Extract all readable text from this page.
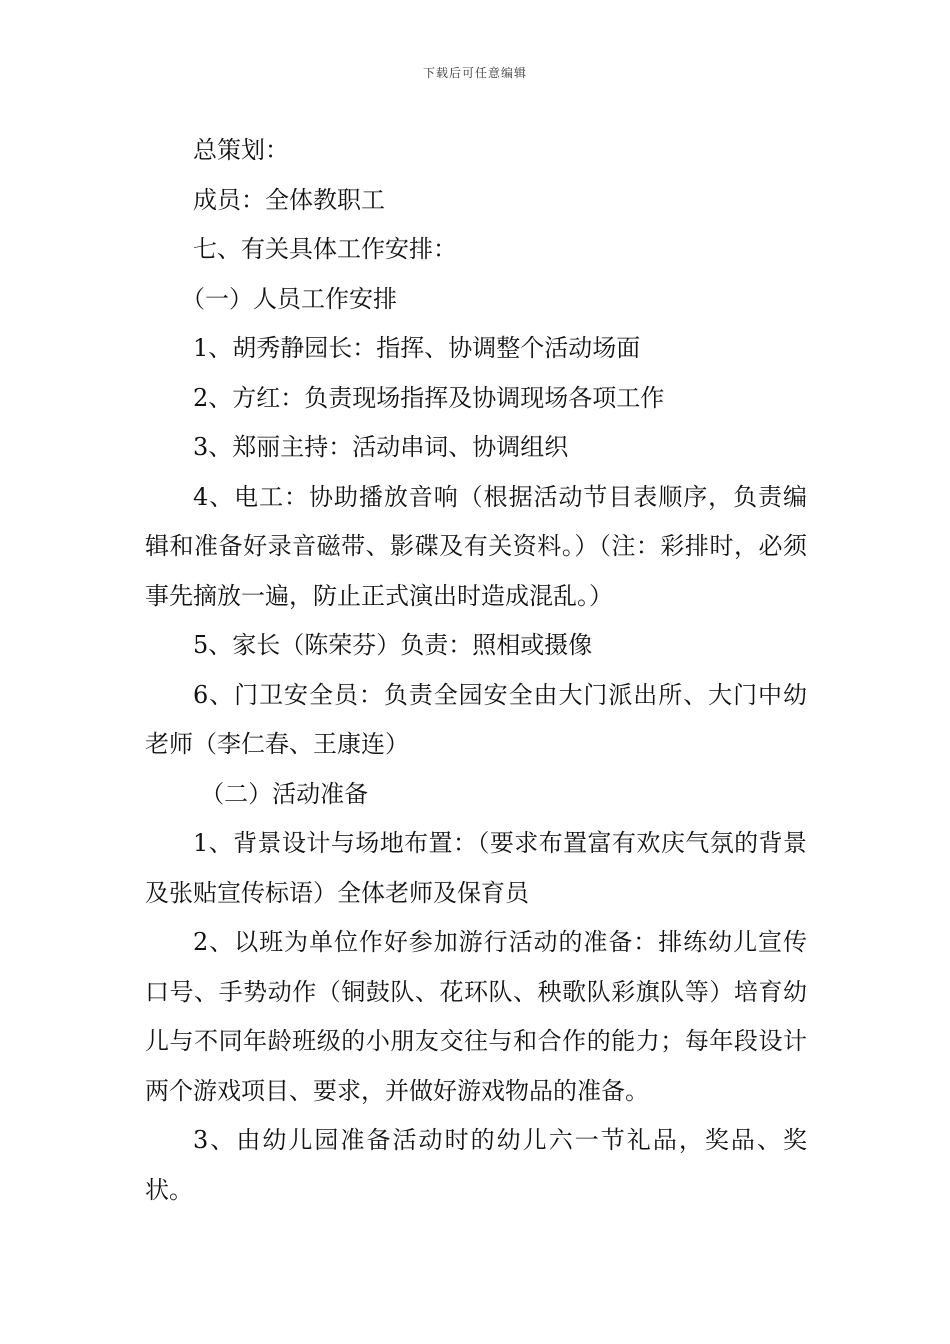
下载后可任意编辑

总策划：

成员：全体教职工

七、有关具体工作安排：

（一）人员工作安排

1、胡秀静园长：指挥、协调整个活动场面

2、方红：负责现场指挥及协调现场各项工作

3、郑丽主持：活动串词、协调组织

4、电工：协助播放音响（根据活动节目表顺序，负责编辑和准备好录音磁带、影碟及有关资料。）（注：彩排时，必须事先摘放一遍，防止正式演出时造成混乱。）

5、家长（陈荣芬）负责：照相或摄像

6、门卫安全员：负责全园安全由大门派出所、大门中幼老师（李仁春、王康连）

（二）活动准备

1、背景设计与场地布置：（要求布置富有欢庆气氛的背景及张贴宣传标语）全体老师及保育员

2、以班为单位作好参加游行活动的准备：排练幼儿宣传口号、手势动作（铜鼓队、花环队、秧歌队彩旗队等）培育幼儿与不同年龄班级的小朋友交往与和合作的能力；每年段设计两个游戏项目、要求，并做好游戏物品的准备。

3、由幼儿园准备活动时的幼儿六一节礼品，奖品、奖状。
